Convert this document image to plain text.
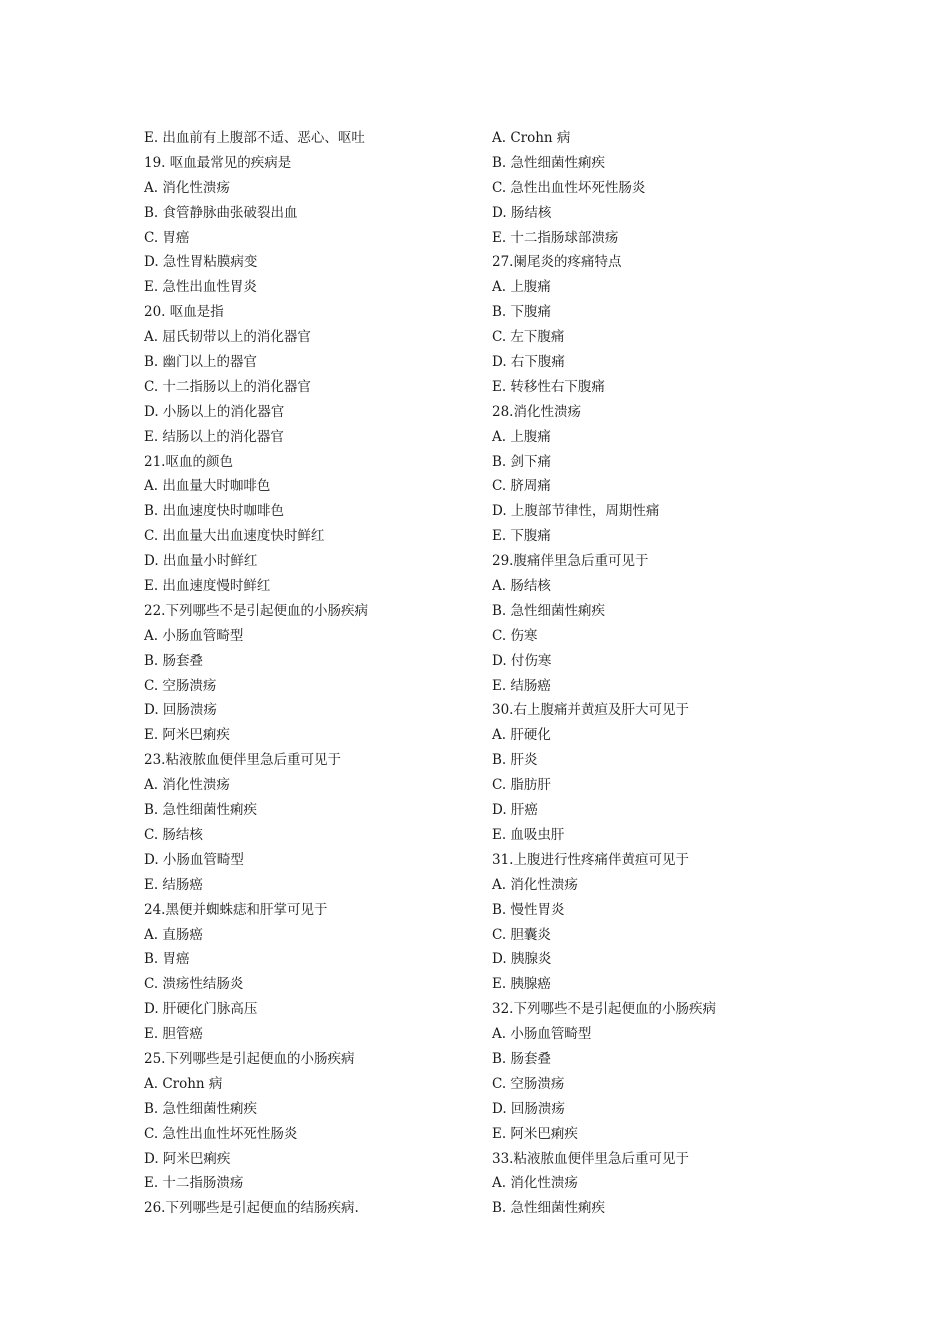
E. 出血前有上腹部不适、恶心、呕吐
19. 呕血最常见的疾病是
A. 消化性溃疡
B. 食管静脉曲张破裂出血
C. 胃癌
D. 急性胃粘膜病变
E. 急性出血性胃炎
20. 呕血是指
A. 屈氏韧带以上的消化器官
B. 幽门以上的器官
C. 十二指肠以上的消化器官
D. 小肠以上的消化器官
E. 结肠以上的消化器官
21.呕血的颜色
A. 出血量大时咖啡色
B. 出血速度快时咖啡色
C. 出血量大出血速度快时鲜红
D. 出血量小时鲜红
E. 出血速度慢时鲜红
22.下列哪些不是引起便血的小肠疾病
A. 小肠血管畸型
B. 肠套叠
C. 空肠溃疡
D. 回肠溃疡
E. 阿米巴痢疾
23.粘液脓血便伴里急后重可见于
A. 消化性溃疡
B. 急性细菌性痢疾
C. 肠结核
D. 小肠血管畸型
E. 结肠癌
24.黑便并蜘蛛痣和肝掌可见于
A. 直肠癌
B. 胃癌
C. 溃疡性结肠炎
D. 肝硬化门脉高压
E. 胆管癌
25.下列哪些是引起便血的小肠疾病
A. Crohn 病
B. 急性细菌性痢疾
C. 急性出血性坏死性肠炎
D. 阿米巴痢疾
E. 十二指肠溃疡
26.下列哪些是引起便血的结肠疾病.
A. Crohn 病
B. 急性细菌性痢疾
C. 急性出血性坏死性肠炎
D. 肠结核
E. 十二指肠球部溃疡
27.阑尾炎的疼痛特点
A. 上腹痛
B. 下腹痛
C. 左下腹痛
D. 右下腹痛
E. 转移性右下腹痛
28.消化性溃疡
A. 上腹痛
B. 剑下痛
C. 脐周痛
D. 上腹部节律性，周期性痛
E. 下腹痛
29.腹痛伴里急后重可见于
A. 肠结核
B. 急性细菌性痢疾
C. 伤寒
D. 付伤寒
E. 结肠癌
30.右上腹痛并黄疸及肝大可见于
A. 肝硬化
B. 肝炎
C. 脂肪肝
D. 肝癌
E. 血吸虫肝
31.上腹进行性疼痛伴黄疸可见于
A. 消化性溃疡
B. 慢性胃炎
C. 胆囊炎
D. 胰腺炎
E. 胰腺癌
32.下列哪些不是引起便血的小肠疾病
A. 小肠血管畸型
B. 肠套叠
C. 空肠溃疡
D. 回肠溃疡
E. 阿米巴痢疾
33.粘液脓血便伴里急后重可见于
A. 消化性溃疡
B. 急性细菌性痢疾
